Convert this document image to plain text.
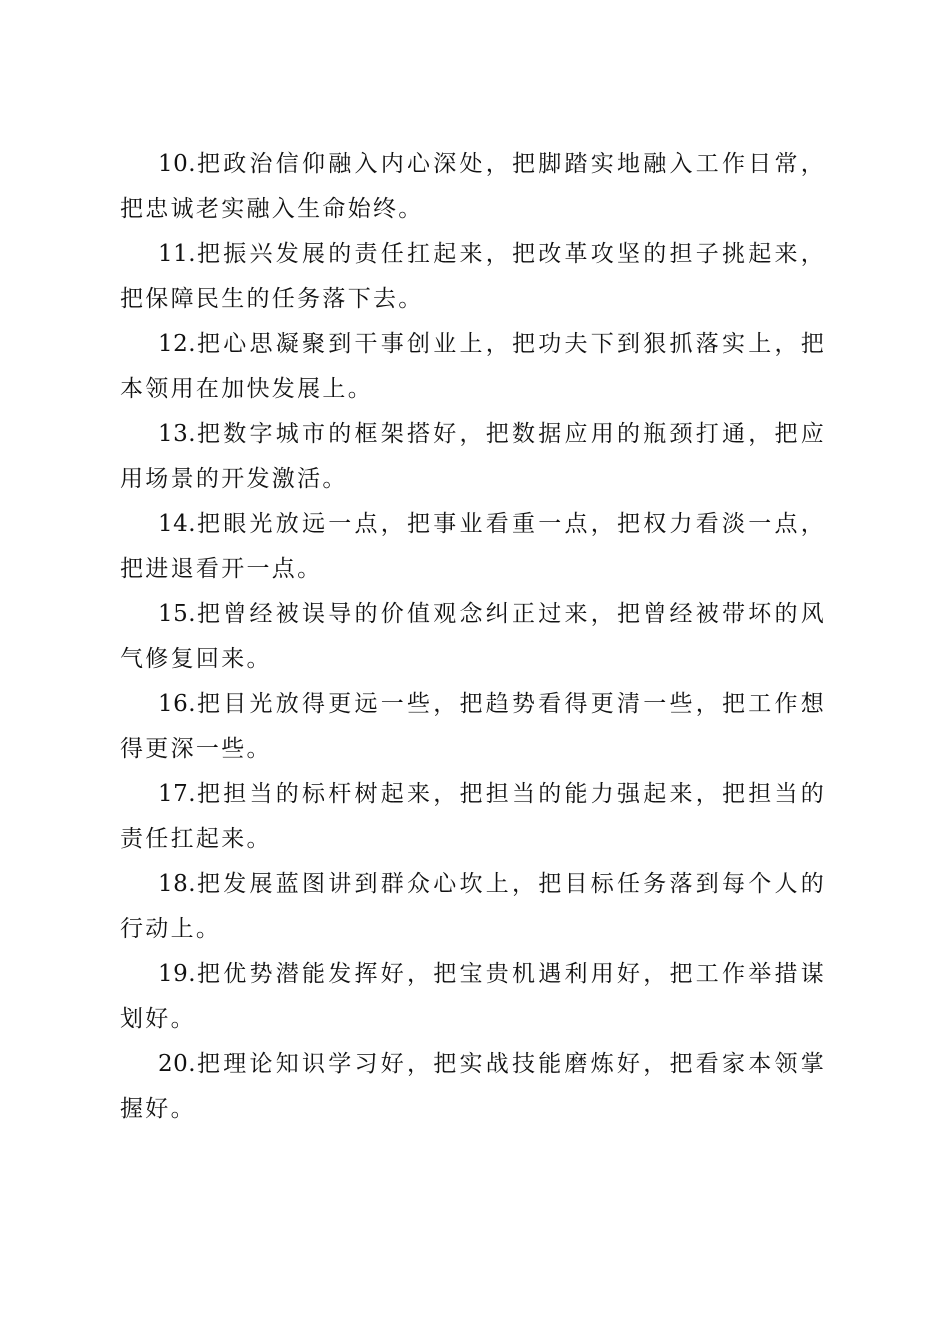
10.把政治信仰融入内心深处，把脚踏实地融入工作日常，把忠诚老实融入生命始终。

11.把振兴发展的责任扛起来，把改革攻坚的担子挑起来，把保障民生的任务落下去。

12.把心思凝聚到干事创业上，把功夫下到狠抓落实上，把本领用在加快发展上。

13.把数字城市的框架搭好，把数据应用的瓶颈打通，把应用场景的开发激活。

14.把眼光放远一点，把事业看重一点，把权力看淡一点，把进退看开一点。

15.把曾经被误导的价值观念纠正过来，把曾经被带坏的风气修复回来。

16.把目光放得更远一些，把趋势看得更清一些，把工作想得更深一些。

17.把担当的标杆树起来，把担当的能力强起来，把担当的责任扛起来。

18.把发展蓝图讲到群众心坎上，把目标任务落到每个人的行动上。

19.把优势潜能发挥好，把宝贵机遇利用好，把工作举措谋划好。

20.把理论知识学习好，把实战技能磨炼好，把看家本领掌握好。
